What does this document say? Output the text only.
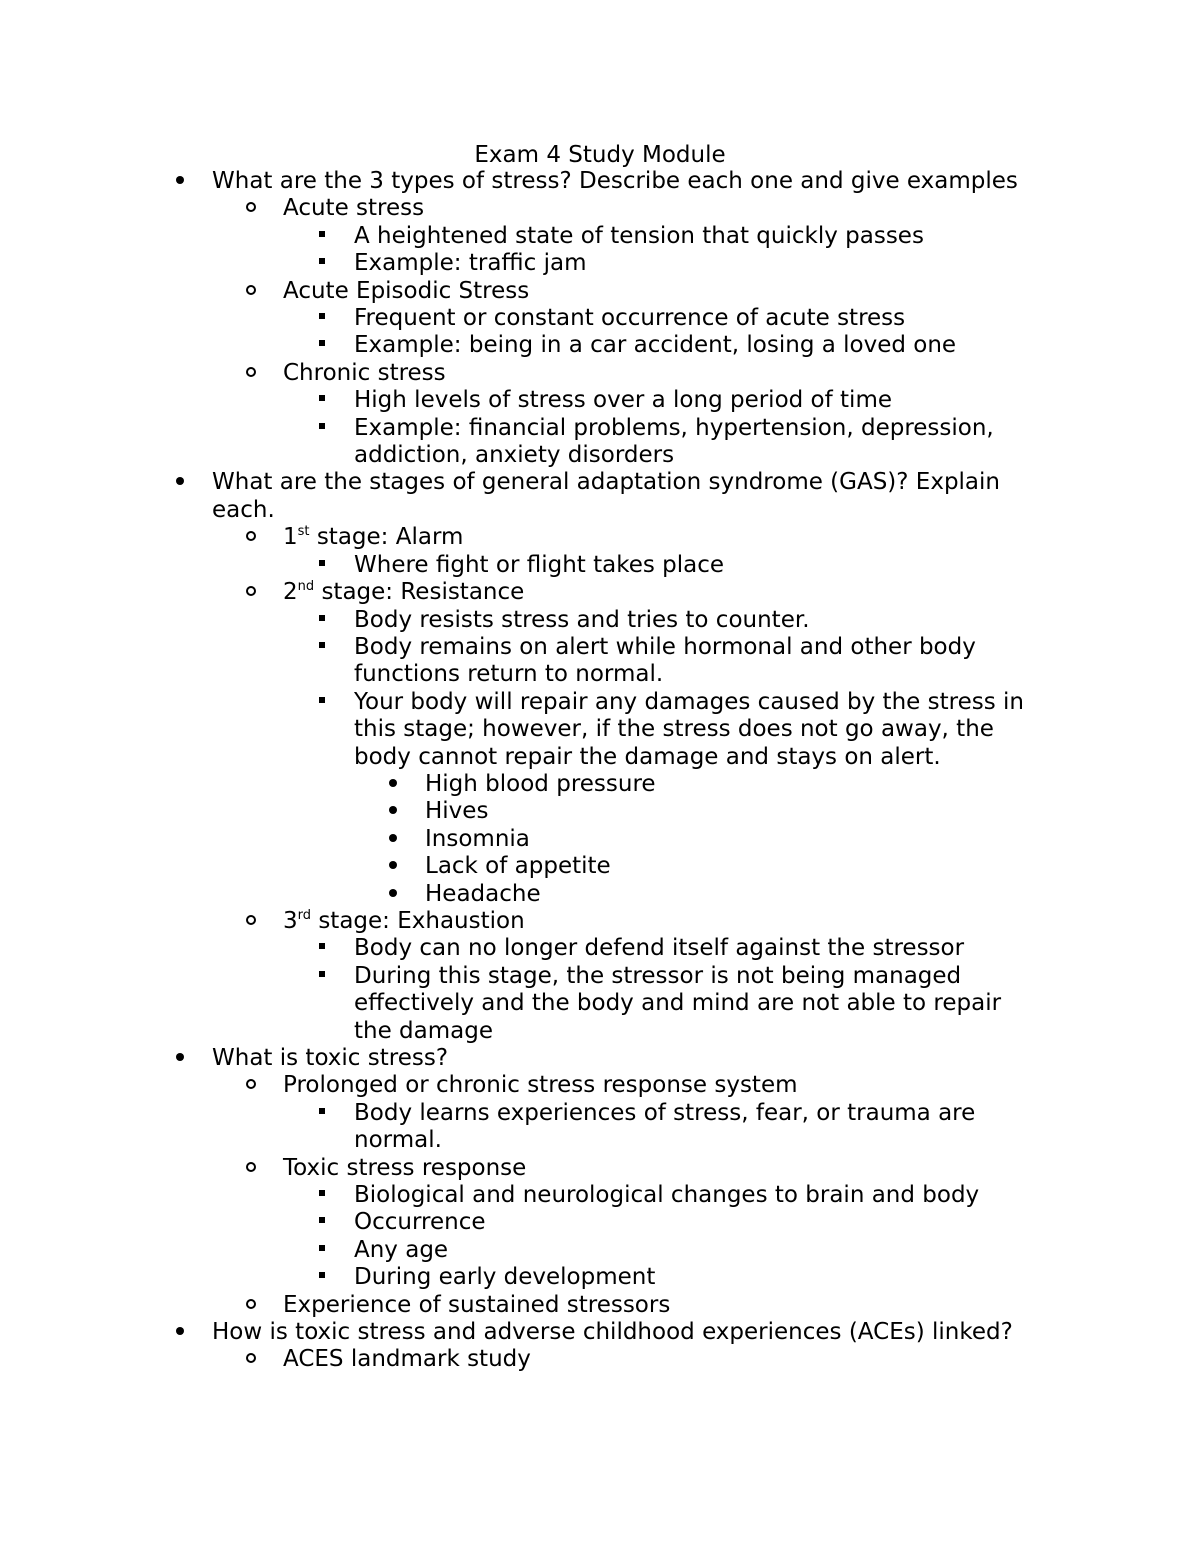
Exam 4 Study Module
What are the 3 types of stress? Describe each one and give examples
Acute stress
A heightened state of tension that quickly passes
Example: traffic jam
Acute Episodic Stress
Frequent or constant occurrence of acute stress
Example: being in a car accident, losing a loved one
Chronic stress
High levels of stress over a long period of time
Example: financial problems, hypertension, depression, addiction, anxiety disorders
What are the stages of general adaptation syndrome (GAS)? Explain each.
1st stage: Alarm
Where fight or flight takes place
2nd stage: Resistance
Body resists stress and tries to counter.
Body remains on alert while hormonal and other body functions return to normal.
Your body will repair any damages caused by the stress in this stage; however, if the stress does not go away, the body cannot repair the damage and stays on alert.
High blood pressure
Hives
Insomnia
Lack of appetite
Headache
3rd stage: Exhaustion
Body can no longer defend itself against the stressor
During this stage, the stressor is not being managed effectively and the body and mind are not able to repair the damage
What is toxic stress?
Prolonged or chronic stress response system
Body learns experiences of stress, fear, or trauma are normal.
Toxic stress response
Biological and neurological changes to brain and body
Occurrence
Any age
During early development
Experience of sustained stressors
How is toxic stress and adverse childhood experiences (ACEs) linked?
ACES landmark study
